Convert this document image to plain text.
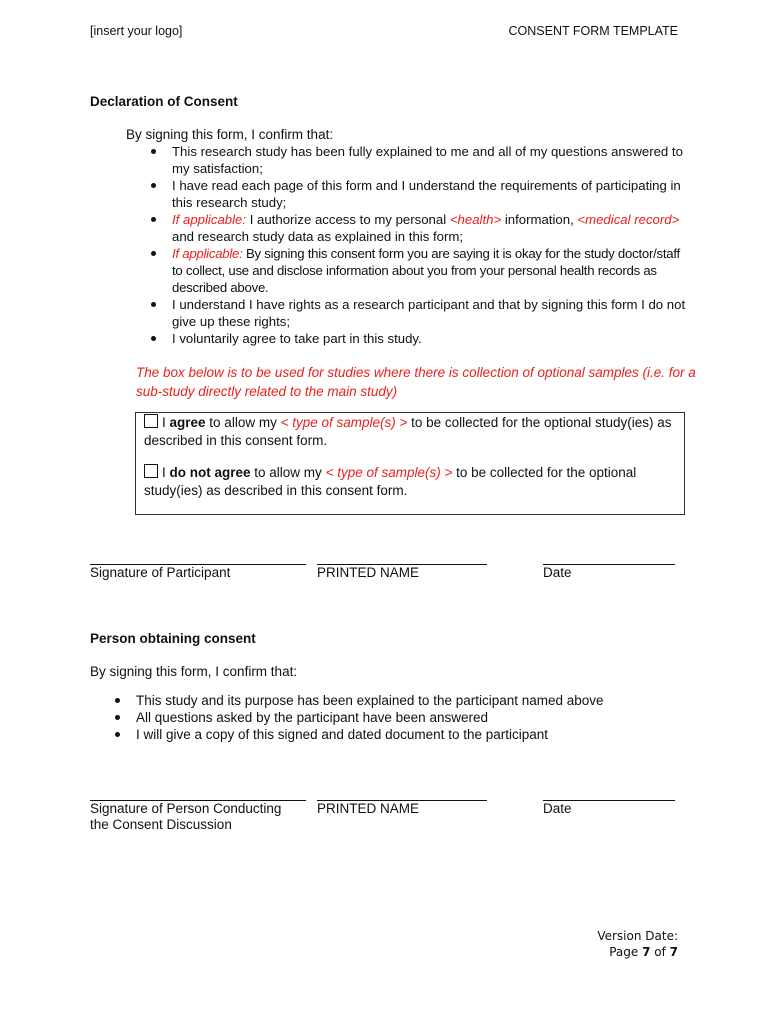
[insert your logo]	CONSENT FORM TEMPLATE
Declaration of Consent
By signing this form, I confirm that:
This research study has been fully explained to me and all of my questions answered to my satisfaction;
I have read each page of this form and I understand the requirements of participating in this research study;
If applicable: I authorize access to my personal <health> information, <medical record> and research study data as explained in this form;
If applicable: By signing this consent form you are saying it is okay for the study doctor/staff to collect, use and disclose information about you from your personal health records as described above.
I understand I have rights as a research participant and that by signing this form I do not give up these rights;
I voluntarily agree to take part in this study.
The box below is to be used for studies where there is collection of optional samples (i.e. for a sub-study directly related to the main study)
I agree to allow my < type of sample(s) > to be collected for the optional study(ies) as described in this consent form.
I do not agree to allow my < type of sample(s) > to be collected for the optional study(ies) as described in this consent form.
Signature of Participant	PRINTED NAME	Date
Person obtaining consent
By signing this form, I confirm that:
This study and its purpose has been explained to the participant named above
All questions asked by the participant have been answered
I will give a copy of this signed and dated document to the participant
Signature of Person Conducting
the Consent Discussion
PRINTED NAME	Date
Version Date:
Page 7 of 7
